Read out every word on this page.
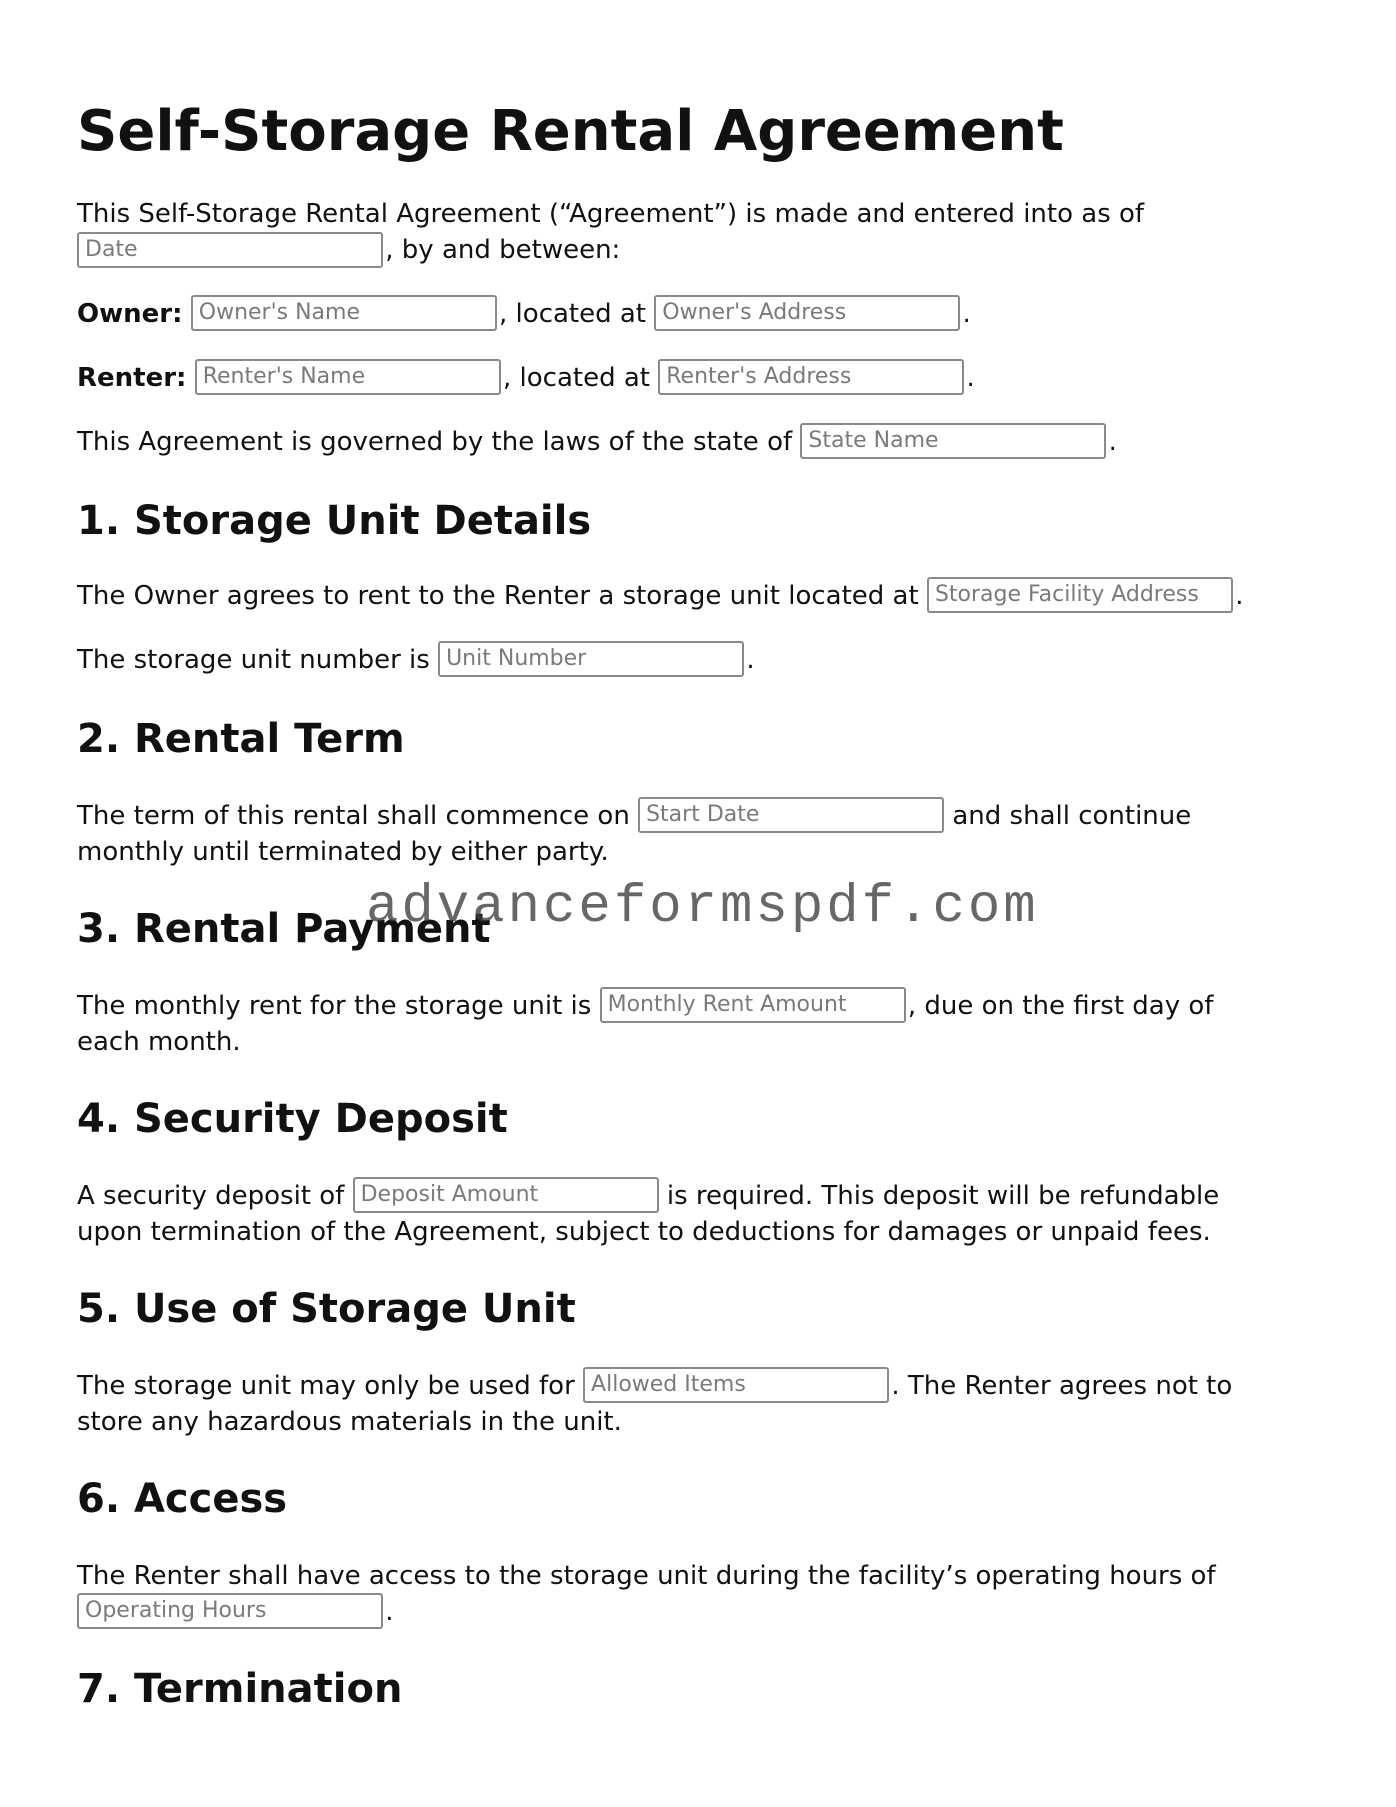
Self-Storage Rental Agreement

This Self-Storage Rental Agreement (“Agreement”) is made and entered into as of Date , by and between:

Owner: Owner's Name	, located at Owner's Address	.

Renter: Renter's Name	, located at Renter's Address	.

This Agreement is governed by the laws of the state of State Name	.

1. Storage Unit Details

The Owner agrees to rent to the Renter a storage unit located at Storage Facility Address	.

The storage unit number is Unit Number	.

2. Rental Term

The term of this rental shall commence on Start Date	and shall continue monthly until terminated by either party.

3. Rental Payment

The monthly rent for the storage unit is Monthly Rent Amount	, due on the first day of each month.

4. Security Deposit

A security deposit of Deposit Amount	is required. This deposit will be refundable upon termination of the Agreement, subject to deductions for damages or unpaid fees.

5. Use of Storage Unit

The storage unit may only be used for Allowed Items	. The Renter agrees not to store any hazardous materials in the unit.

6. Access

The Renter shall have access to the storage unit during the facility’s operating hours of Operating Hours .

7. Termination
advanceformspdf.com
